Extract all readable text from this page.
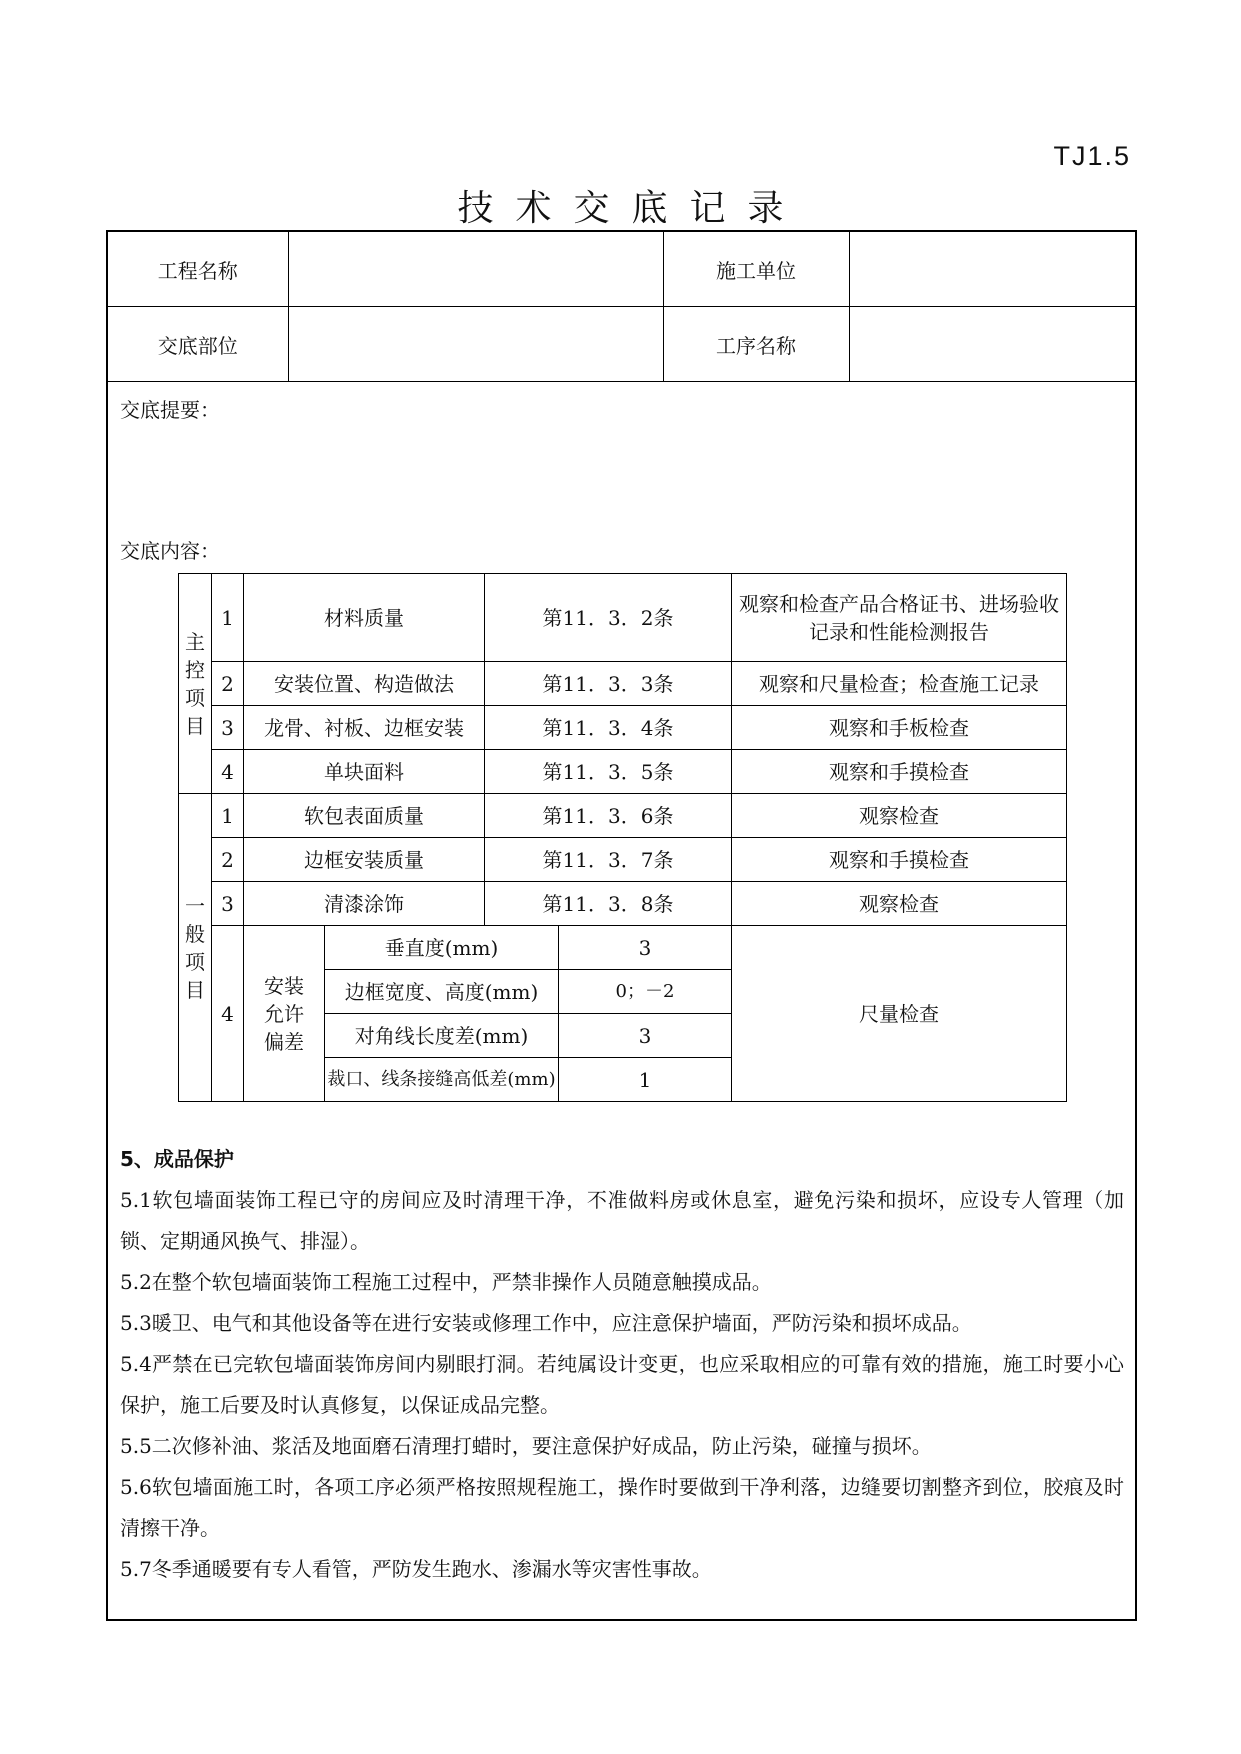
TJ1.5
技术交底记录
工程名称		施工单位	
交底部位		工序名称	
交底提要：
交底内容：
主控项目	1	材料质量		第11．3．2条		观察和检查产品合格证书、进场验收记录和性能检测报告
	2	安装位置、构造做法		第11．3．3条		观察和尺量检查；检查施工记录
	3	龙骨、衬板、边框安装		第11．3．4条		观察和手板检查
	4	单块面料		第11．3．5条		观察和手摸检查
一般项目	1	软包表面质量		第11．3．6条		观察检查
	2	边框安装质量		第11．3．7条		观察和手摸检查
	3	清漆涂饰		第11．3．8条		观察检查
	4	安装允许偏差	垂直度(mm)		3	尺量检查
			边框宽度、高度(mm)		0；－2	
			对角线长度差(mm)		3	
			裁口、线条接缝高低差(mm)		1	
5、成品保护

5.1软包墙面装饰工程已守的房间应及时清理干净，不准做料房或休息室，避免污染和损坏，应设专人管理（加锁、定期通风换气、排湿）。

5.2在整个软包墙面装饰工程施工过程中，严禁非操作人员随意触摸成品。

5.3暖卫、电气和其他设备等在进行安装或修理工作中，应注意保护墙面，严防污染和损坏成品。

5.4严禁在已完软包墙面装饰房间内剔眼打洞。若纯属设计变更，也应采取相应的可靠有效的措施，施工时要小心保护，施工后要及时认真修复，以保证成品完整。

5.5二次修补油、浆活及地面磨石清理打蜡时，要注意保护好成品，防止污染，碰撞与损坏。

5.6软包墙面施工时，各项工序必须严格按照规程施工，操作时要做到干净利落，边缝要切割整齐到位，胶痕及时清擦干净。

5.7冬季通暖要有专人看管，严防发生跑水、渗漏水等灾害性事故。
